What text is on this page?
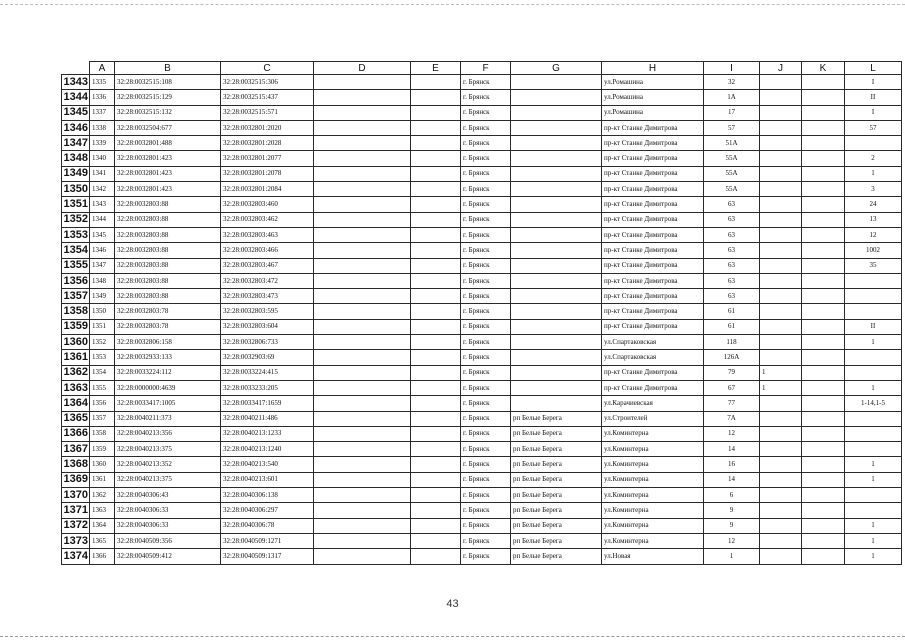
	A	B	C	D	E	F	G	H	I	J	K	L
1343	1335	32:28:0032515:108	32:28:0032515:306			г. Брянск		ул.Ромашина	32			I
1344	1336	32:28:0032515:129	32:28:0032515:437			г. Брянск		ул.Ромашина	1А			II
1345	1337	32:28:0032515:132	32:28:0032515:571			г. Брянск		ул.Ромашина	17			I
1346	1338	32:28:0032504:677	32:28:0032801:2020			г. Брянск		пр-кт Станке Димитрова	57			57
1347	1339	32:28:0032801:488	32:28:0032801:2028			г. Брянск		пр-кт Станке Димитрова	51А			
1348	1340	32:28:0032801:423	32:28:0032801:2077			г. Брянск		пр-кт Станке Димитрова	55А			2
1349	1341	32:28:0032801:423	32:28:0032801:2078			г. Брянск		пр-кт Станке Димитрова	55А			1
1350	1342	32:28:0032801:423	32:28:0032801:2084			г. Брянск		пр-кт Станке Димитрова	55А			3
1351	1343	32:28:0032803:88	32:28:0032803:460			г. Брянск		пр-кт Станке Димитрова	63			24
1352	1344	32:28:0032803:88	32:28:0032803:462			г. Брянск		пр-кт Станке Димитрова	63			13
1353	1345	32:28:0032803:88	32:28:0032803:463			г. Брянск		пр-кт Станке Димитрова	63			12
1354	1346	32:28:0032803:88	32:28:0032803:466			г. Брянск		пр-кт Станке Димитрова	63			1002
1355	1347	32:28:0032803:88	32:28:0032803:467			г. Брянск		пр-кт Станке Димитрова	63			35
1356	1348	32:28:0032803:88	32:28:0032803:472			г. Брянск		пр-кт Станке Димитрова	63			
1357	1349	32:28:0032803:88	32:28:0032803:473			г. Брянск		пр-кт Станке Димитрова	63			
1358	1350	32:28:0032803:78	32:28:0032803:595			г. Брянск		пр-кт Станке Димитрова	61			
1359	1351	32:28:0032803:78	32:28:0032803:604			г. Брянск		пр-кт Станке Димитрова	61			II
1360	1352	32:28:0032806:158	32:28:0032806:733			г. Брянск		ул.Спартаковская	118			1
1361	1353	32:28:0032933:133	32:28:0032903:69			г. Брянск		ул.Спартаковская	126А			
1362	1354	32:28:0033224:112	32:28:0033224:415			г. Брянск		пр-кт Станке Димитрова	79	1		
1363	1355	32:28:0000000:4639	32:28:0033233:205			г. Брянск		пр-кт Станке Димитрова	67	1		1
1364	1356	32:28:0033417:1005	32:28:0033417:1659			г. Брянск		ул.Карачиевская	77			1-14,1-5
1365	1357	32:28:0040211:373	32:28:0040211:486			г. Брянск	рп Белые Берега	ул.Строителей	7А			
1366	1358	32:28:0040213:356	32:28:0040213:1233			г. Брянск	рп Белые Берега	ул.Коминтерна	12			
1367	1359	32:28:0040213:375	32:28:0040213:1240			г. Брянск	рп Белые Берега	ул.Коминтерна	14			
1368	1360	32:28:0040213:352	32:28:0040213:540			г. Брянск	рп Белые Берега	ул.Коминтерна	16			1
1369	1361	32:28:0040213:375	32:28:0040213:601			г. Брянск	рп Белые Берега	ул.Коминтерна	14			1
1370	1362	32:28:0040306:43	32:28:0040306:138			г. Брянск	рп Белые Берега	ул.Коминтерна	6			
1371	1363	32:28:0040306:33	32:28:0040306:297			г. Брянск	рп Белые Берега	ул.Коминтерна	9			
1372	1364	32:28:0040306:33	32:28:0040306:78			г. Брянск	рп Белые Берега	ул.Коминтерна	9			1
1373	1365	32:28:0040509:356	32:28:0040509:1271			г. Брянск	рп Белые Берега	ул.Коминтерна	12			1
1374	1366	32:28:0040509:412	32:28:0040509:1317			г. Брянск	рп Белые Берега	ул.Новая	1			1
43
